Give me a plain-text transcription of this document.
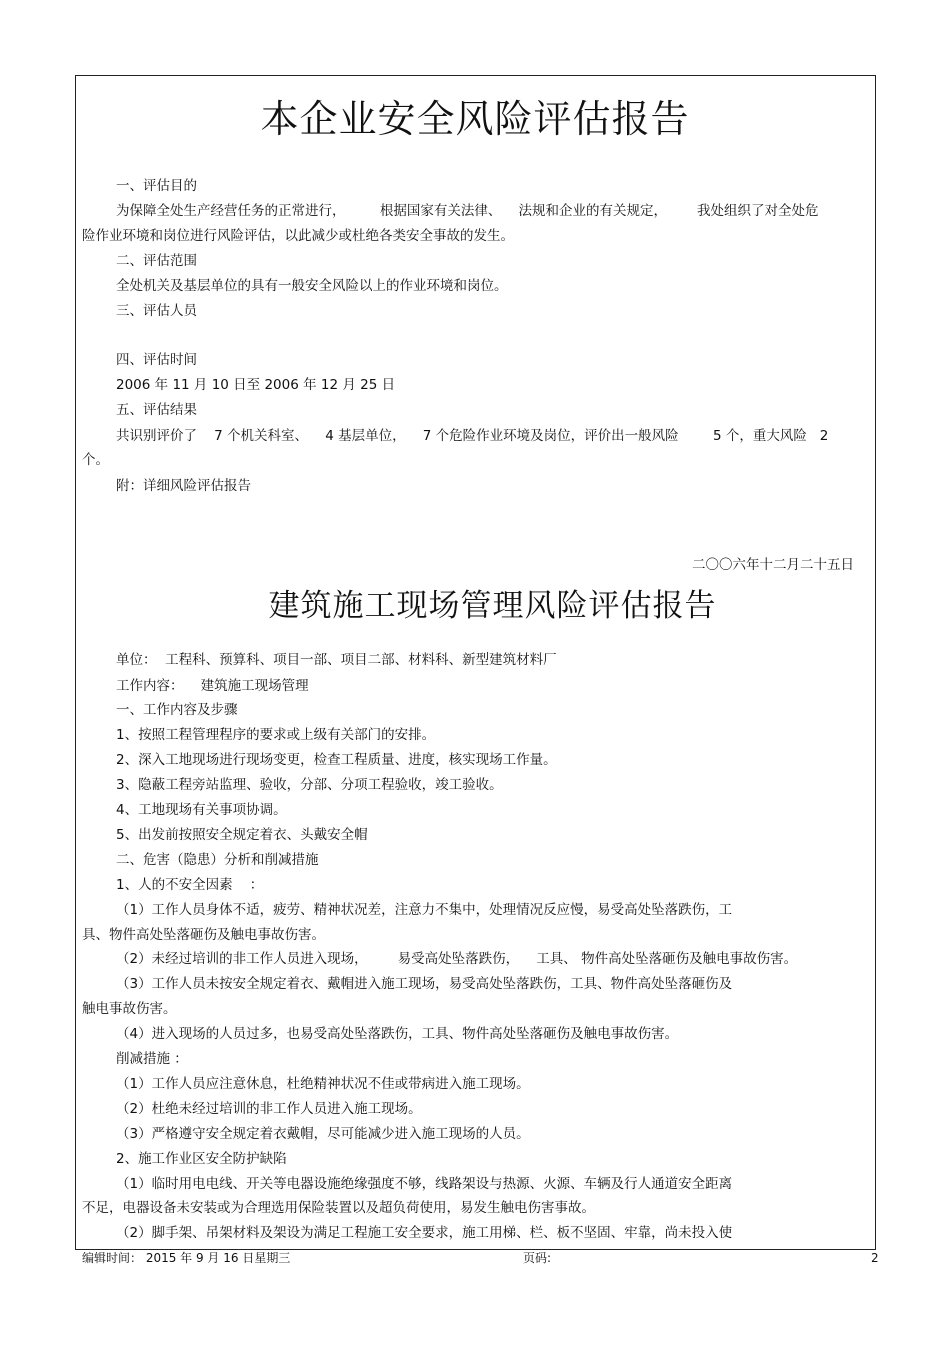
本企业安全风险评估报告
一、评估目的
为保障全处生产经营任务的正常进行，        根据国家有关法律、    法规和企业的有关规定，       我处组织了对全处危
险作业环境和岗位进行风险评估，以此减少或杜绝各类安全事故的发生。
二、评估范围
全处机关及基层单位的具有一般安全风险以上的作业环境和岗位。
三、评估人员
四、评估时间
2006 年 11 月 10 日至 2006 年 12 月 25 日
五、评估结果
共识别评价了    7 个机关科室、    4 基层单位，    7 个危险作业环境及岗位，评价出一般风险        5 个，重大风险   2
个。
附：详细风险评估报告
二〇〇六年十二月二十五日
建筑施工现场管理风险评估报告
单位：  工程科、预算科、项目一部、项目二部、材料科、新型建筑材料厂
工作内容：    建筑施工现场管理
一、工作内容及步骤
1、按照工程管理程序的要求或上级有关部门的安排。
2、深入工地现场进行现场变更，检查工程质量、进度，核实现场工作量。
3、隐蔽工程旁站监理、验收，分部、分项工程验收，竣工验收。
4、工地现场有关事项协调。
5、出发前按照安全规定着衣、头戴安全帽
二、危害（隐患）分析和削减措施
1、人的不安全因素    ：
（1）工作人员身体不适，疲劳、精神状况差，注意力不集中，处理情况反应慢，易受高处坠落跌伤，工
具、物件高处坠落砸伤及触电事故伤害。
（2）未经过培训的非工作人员进入现场，       易受高处坠落跌伤，    工具、 物件高处坠落砸伤及触电事故伤害。
（3）工作人员未按安全规定着衣、戴帽进入施工现场，易受高处坠落跌伤，工具、物件高处坠落砸伤及
触电事故伤害。
（4）进入现场的人员过多，也易受高处坠落跌伤，工具、物件高处坠落砸伤及触电事故伤害。
削减措施 ：
（1）工作人员应注意休息，杜绝精神状况不佳或带病进入施工现场。
（2）杜绝未经过培训的非工作人员进入施工现场。
（3）严格遵守安全规定着衣戴帽，尽可能减少进入施工现场的人员。
2、施工作业区安全防护缺陷
（1）临时用电电线、开关等电器设施绝缘强度不够，线路架设与热源、火源、车辆及行人通道安全距离
不足，电器设备未安装或为合理选用保险装置以及超负荷使用，易发生触电伤害事故。
（2）脚手架、吊架材料及架设为满足工程施工安全要求，施工用梯、栏、板不坚固、牢靠，尚未投入使
编辑时间： 2015 年 9 月 16 日星期三	页码:	2
